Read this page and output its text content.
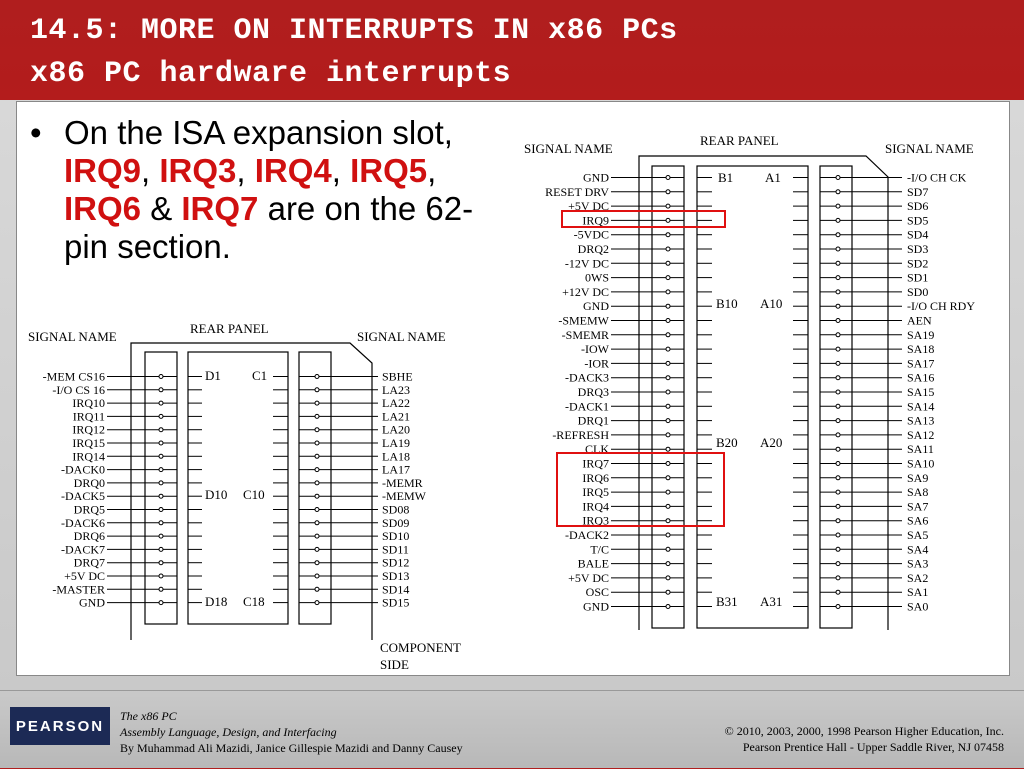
14.5: MORE ON INTERRUPTS IN x86 PCs
x86 PC hardware interrupts
• On the ISA expansion slot, IRQ9, IRQ3, IRQ4, IRQ5, IRQ6 & IRQ7 are on the 62-pin section.
SIGNAL NAME
REAR PANEL
SIGNAL NAME
B1 A1
B10 A10
B20 A20
B31 A31
GND
RESET DRV
+5V DC
IRQ9
-5VDC
DRQ2
-12V DC
0WS
+12V DC
GND
-SMEMW
-SMEMR
-IOW
-IOR
-DACK3
DRQ3
-DACK1
DRQ1
-REFRESH
CLK
IRQ7
IRQ6
IRQ5
IRQ4
IRQ3
-DACK2
T/C
BALE
+5V DC
OSC
GND
-I/O CH CK
SD7
SD6
SD5
SD4
SD3
SD2
SD1
SD0
-I/O CH RDY
AEN
SA19
SA18
SA17
SA16
SA15
SA14
SA13
SA12
SA11
SA10
SA9
SA8
SA7
SA6
SA5
SA4
SA3
SA2
SA1
SA0
SIGNAL NAME
REAR PANEL
SIGNAL NAME
D1 C1
D10 C10
D18 C18
-MEM CS16
-I/O CS 16
IRQ10
IRQ11
IRQ12
IRQ15
IRQ14
-DACK0
DRQ0
-DACK5
DRQ5
-DACK6
DRQ6
-DACK7
DRQ7
+5V DC
-MASTER
GND
SBHE
LA23
LA22
LA21
LA20
LA19
LA18
LA17
-MEMR
-MEMW
SD08
SD09
SD10
SD11
SD12
SD13
SD14
SD15
COMPONENT
SIDE
PEARSON
The x86 PC
Assembly Language, Design, and Interfacing
By Muhammad Ali Mazidi, Janice Gillespie Mazidi and Danny Causey
© 2010, 2003, 2000, 1998 Pearson Higher Education, Inc.
Pearson Prentice Hall - Upper Saddle River, NJ 07458
